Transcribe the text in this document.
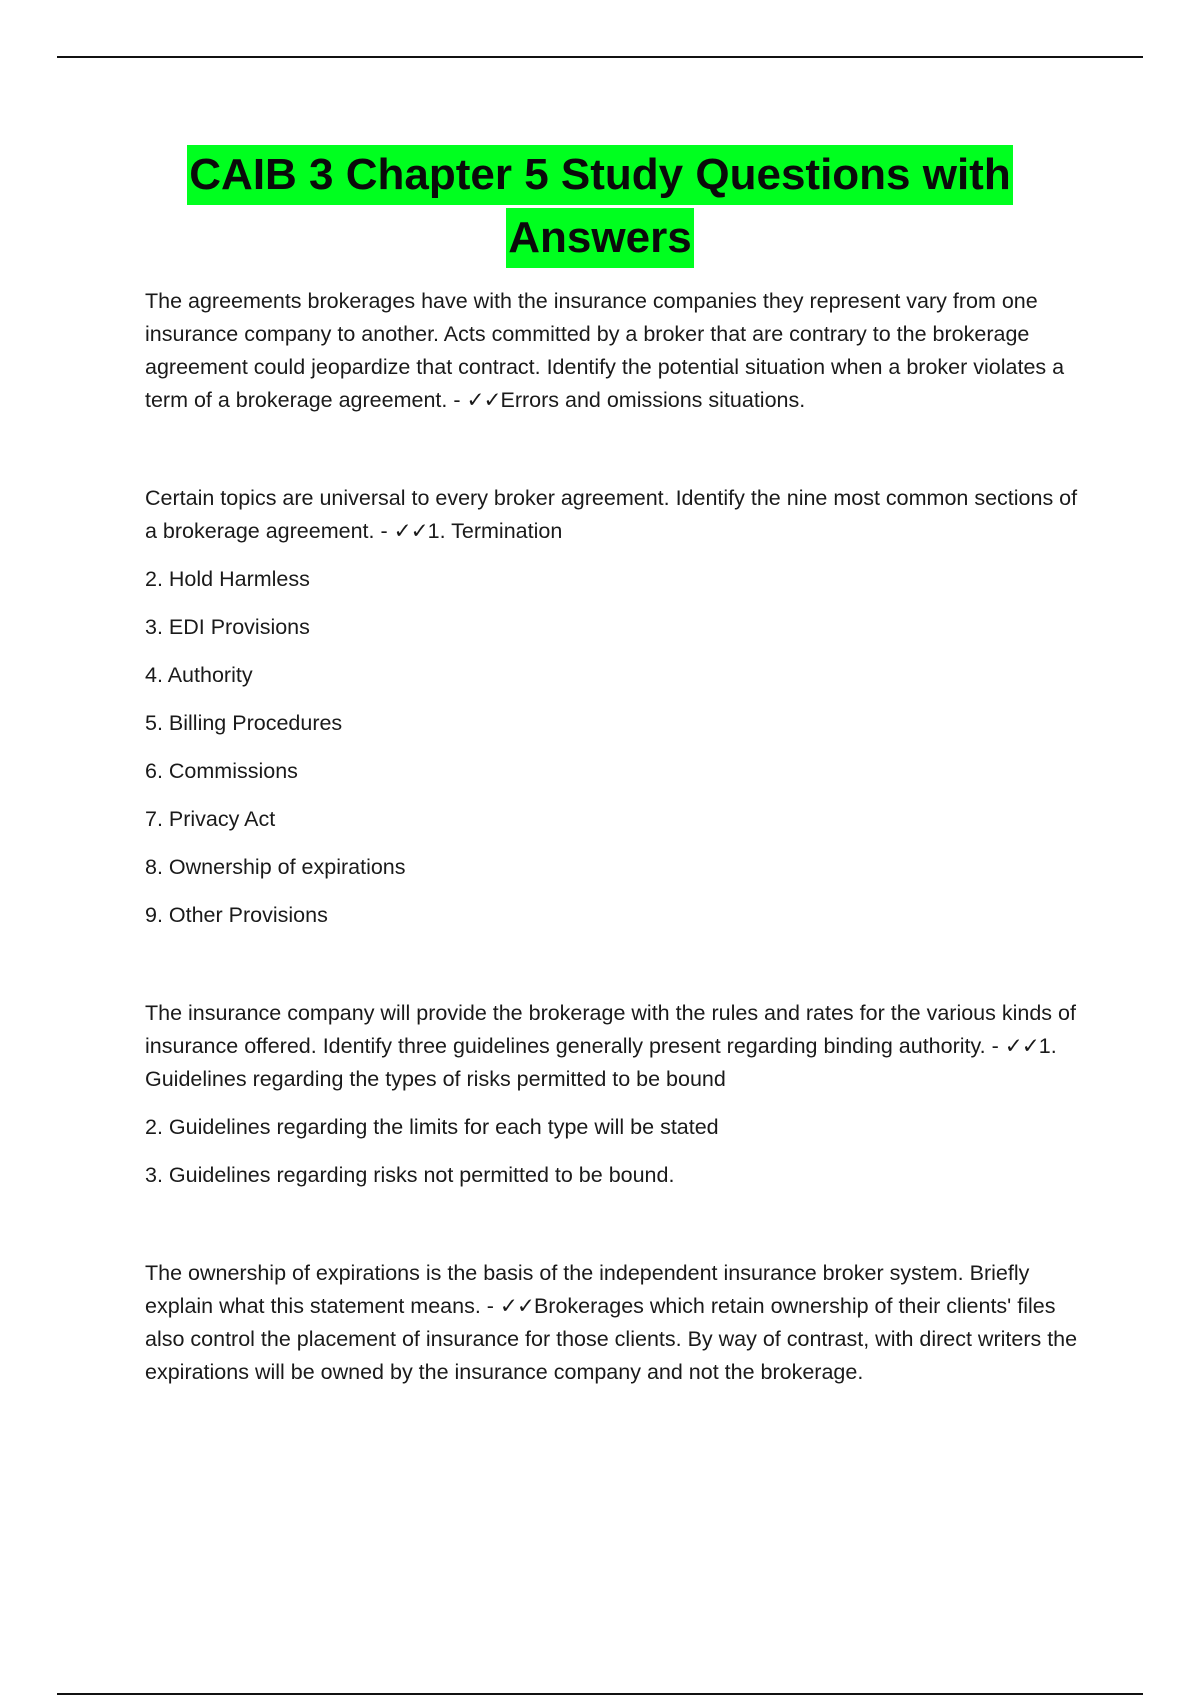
CAIB 3 Chapter 5 Study Questions with
Answers

The agreements brokerages have with the insurance companies they represent vary from one insurance company to another. Acts committed by a broker that are contrary to the brokerage agreement could jeopardize that contract. Identify the potential situation when a broker violates a term of a brokerage agreement. - ✓✓Errors and omissions situations.

Certain topics are universal to every broker agreement. Identify the nine most common sections of a brokerage agreement. - ✓✓1. Termination

2. Hold Harmless

3. EDI Provisions

4. Authority

5. Billing Procedures

6. Commissions

7. Privacy Act

8. Ownership of expirations

9. Other Provisions

The insurance company will provide the brokerage with the rules and rates for the various kinds of insurance offered. Identify three guidelines generally present regarding binding authority. - ✓✓1. Guidelines regarding the types of risks permitted to be bound

2. Guidelines regarding the limits for each type will be stated

3. Guidelines regarding risks not permitted to be bound.

The ownership of expirations is the basis of the independent insurance broker system. Briefly explain what this statement means. - ✓✓Brokerages which retain ownership of their clients' files also control the placement of insurance for those clients. By way of contrast, with direct writers the expirations will be owned by the insurance company and not the brokerage.
